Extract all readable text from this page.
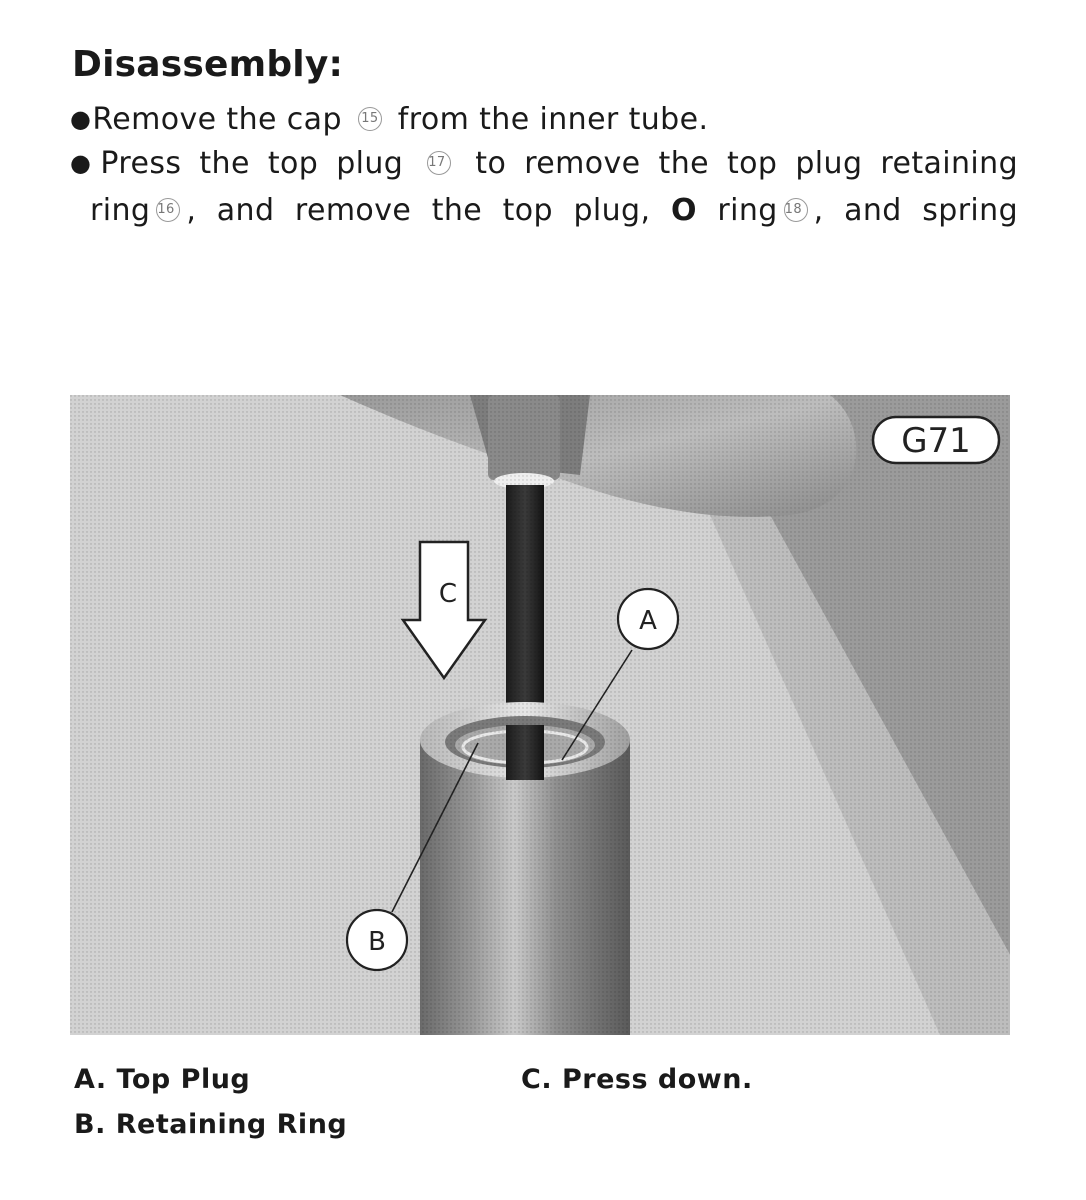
Disassembly:

●Remove the cap 15 from the inner tube.

●Press the top plug 17 to remove the top plug retaining
ring 16 , and remove the top plug, O ring 18 , and spring

G71
C
A
B

A. Top Plug

B. Retaining Ring

C. Press down.
